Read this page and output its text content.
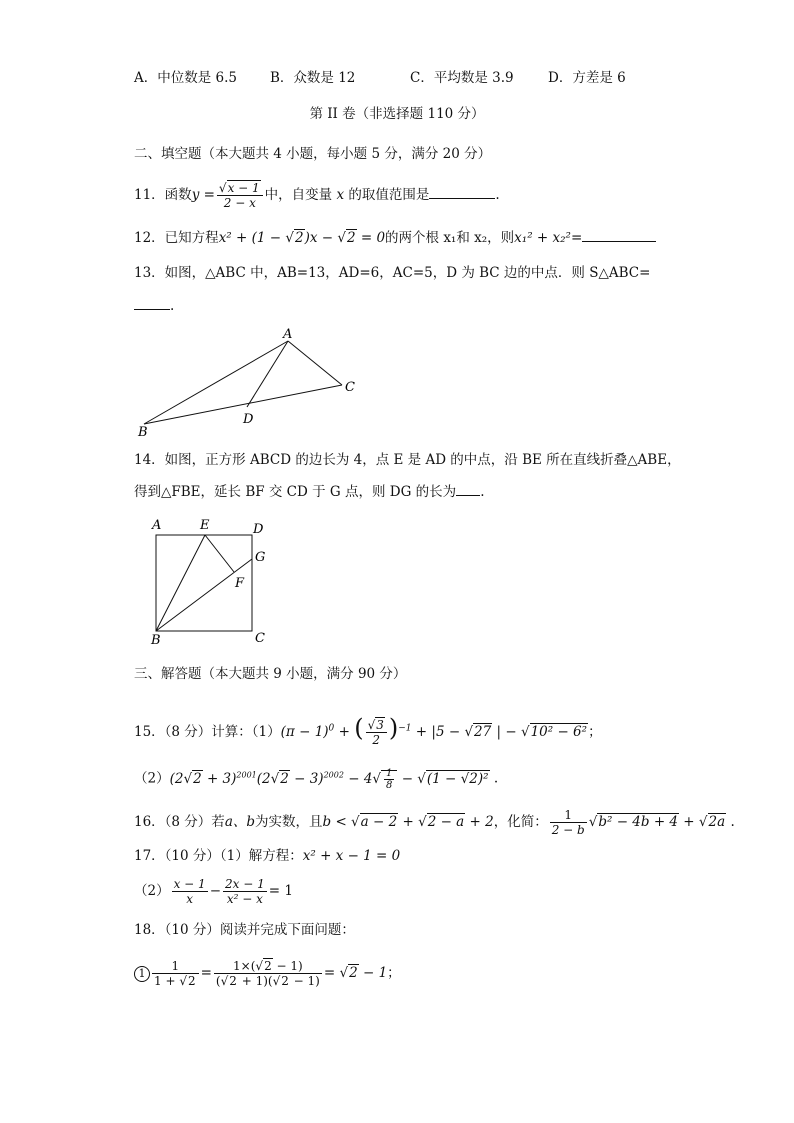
A．中位数是 6.5 B．众数是 12	C．平均数是 3.9	D．方差是 6
第 II 卷（非选择题 110 分）
二、填空题（本大题共 4 小题，每小题 5 分，满分 20 分）
11．函数$y = \frac{√x - 1}{2 - x}$ 中，自变量 x 的取值范围是	.
12．已知方程x² + (1 − √2)x − √2 = 0的两个根 x₁和 x₂，则x₁² + x₂²=
13．如图，△ABC 中，AB=13，AD=6，AC=5，D 为 BC 边的中点．则 S△ABC=
.
A
B
C
D
14．如图，正方形 ABCD 的边长为 4，点 E 是 AD 的中点，沿 BE 所在直线折叠△ABE，
得到△FBE，延长 BF 交 CD 于 G 点，则 DG 的长为 .
A	E	D
G
F
B	C
三、解答题（本大题共 9 小题，满分 90 分）
15．（8 分）计算：$(1)(\pi - 1)^0$ + ( $\frac{√3}{2} )^{-1} + |5 - √27$ | − √10² − 6²；
$(2)(2√2 + 3)^{2001}(2√2 - 3)^{2002} - 4√ \frac{1}{8} - √(1 - √2)^2$ .
16．（8 分）若a、b为实数，且b < √a − 2 + √2 − a + 2，化简： $\frac{1}{2 - b} √b^2 - 4b + 4 + √2a$ .
17．（10 分）（1）解方程：x² + x − 1 = 0
$(2) \frac{x - 1}{x} - \frac{2x - 1}{\text{x² − x}} = 1$
18．（10 分）阅读并完成下面问题：
$1 \frac{1}{1 + √2} = \frac{1\times(√2 - 1)}{(√2 + 1)(√2 - 1)} = √2 - 1$；
